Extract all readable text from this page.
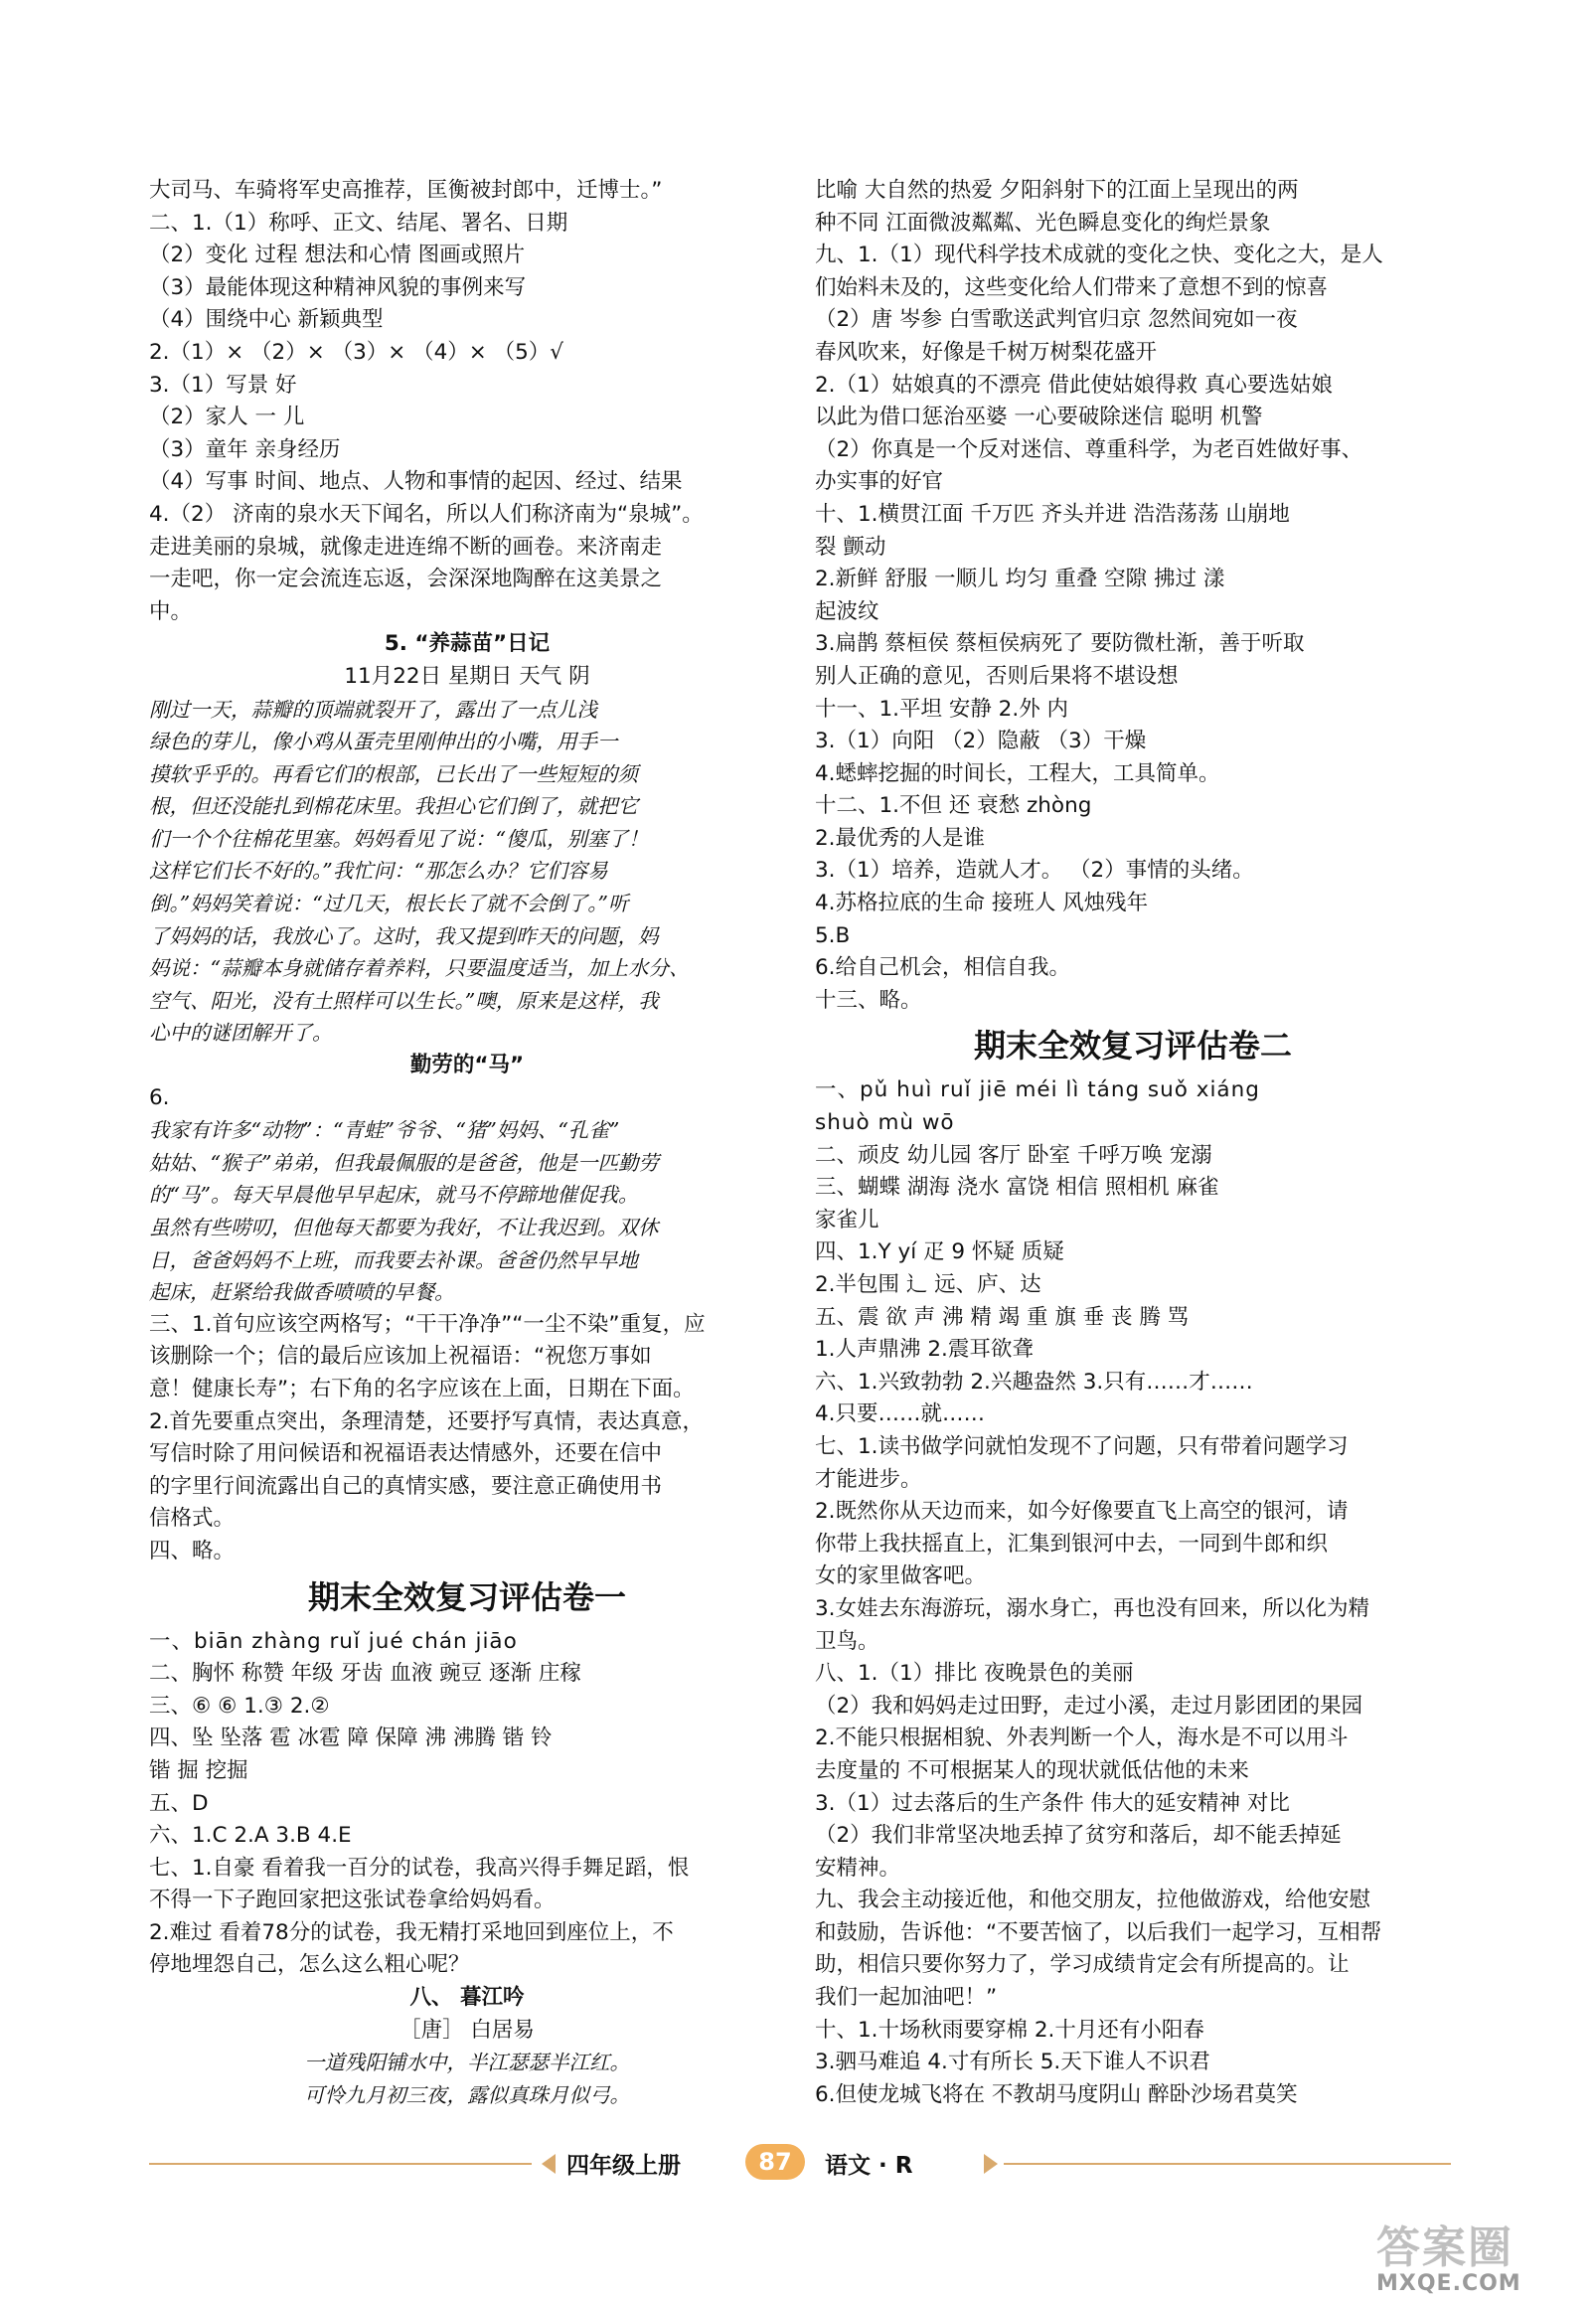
大司马、车骑将军史高推荐，匡衡被封郎中，迁博士。”
二、1.（1）称呼、正文、结尾、署名、日期
（2）变化 过程 想法和心情 图画或照片
（3）最能体现这种精神风貌的事例来写
（4）围绕中心 新颖典型
2.（1）× （2）× （3）× （4）× （5）√
3.（1）写景 好
（2）家人 一 儿
（3）童年 亲身经历
（4）写事 时间、地点、人物和事情的起因、经过、结果
4.（2） 济南的泉水天下闻名，所以人们称济南为“泉城”。
走进美丽的泉城，就像走进连绵不断的画卷。来济南走
一走吧，你一定会流连忘返，会深深地陶醉在这美景之
中。
5. “养蒜苗”日记
11月22日 星期日 天气 阴
刚过一天，蒜瓣的顶端就裂开了，露出了一点儿浅
绿色的芽儿，像小鸡从蛋壳里刚伸出的小嘴，用手一
摸软乎乎的。再看它们的根部，已长出了一些短短的须
根，但还没能扎到棉花床里。我担心它们倒了，就把它
们一个个往棉花里塞。妈妈看见了说：“傻瓜，别塞了！
这样它们长不好的。”我忙问：“那怎么办？它们容易
倒。”妈妈笑着说：“过几天，根长长了就不会倒了。”听
了妈妈的话，我放心了。这时，我又提到昨天的问题，妈
妈说：“蒜瓣本身就储存着养料，只要温度适当，加上水分、
空气、阳光，没有土照样可以生长。”噢，原来是这样，我
心中的谜团解开了。
勤劳的“马”
6.
我家有许多“动物”：“青蛙”爷爷、“猪”妈妈、“孔雀”
姑姑、“猴子”弟弟，但我最佩服的是爸爸，他是一匹勤劳
的“马”。每天早晨他早早起床，就马不停蹄地催促我。
虽然有些唠叨，但他每天都要为我好，不让我迟到。双休
日，爸爸妈妈不上班，而我要去补课。爸爸仍然早早地
起床，赶紧给我做香喷喷的早餐。
三、1.首句应该空两格写；“干干净净”“一尘不染”重复，应
该删除一个；信的最后应该加上祝福语：“祝您万事如
意！健康长寿”；右下角的名字应该在上面，日期在下面。
2.首先要重点突出，条理清楚，还要抒写真情，表达真意，
写信时除了用问候语和祝福语表达情感外，还要在信中
的字里行间流露出自己的真情实感，要注意正确使用书
信格式。
四、略。
期末全效复习评估卷一
一、biān zhàng ruǐ jué chán jiāo
二、胸怀 称赞 年级 牙齿 血液 豌豆 逐渐 庄稼
三、⑥ ⑥ 1.③ 2.②
四、坠 坠落 雹 冰雹 障 保障 沸 沸腾 锴 铃
锴 掘 挖掘
五、D
六、1.C 2.A 3.B 4.E
七、1.自豪 看着我一百分的试卷，我高兴得手舞足蹈，恨
不得一下子跑回家把这张试卷拿给妈妈看。
2.难过 看着78分的试卷，我无精打采地回到座位上，不
停地埋怨自己，怎么这么粗心呢？
八、 暮江吟
［唐］ 白居易
一道残阳铺水中，半江瑟瑟半江红。
可怜九月初三夜，露似真珠月似弓。
比喻 大自然的热爱 夕阳斜射下的江面上呈现出的两
种不同 江面微波粼粼、光色瞬息变化的绚烂景象
九、1.（1）现代科学技术成就的变化之快、变化之大，是人
们始料未及的，这些变化给人们带来了意想不到的惊喜
（2）唐 岑参 白雪歌送武判官归京 忽然间宛如一夜
春风吹来，好像是千树万树梨花盛开
2.（1）姑娘真的不漂亮 借此使姑娘得救 真心要选姑娘
以此为借口惩治巫婆 一心要破除迷信 聪明 机警
（2）你真是一个反对迷信、尊重科学，为老百姓做好事、
办实事的好官
十、1.横贯江面 千万匹 齐头并进 浩浩荡荡 山崩地
裂 颤动
2.新鲜 舒服 一顺儿 均匀 重叠 空隙 拂过 漾
起波纹
3.扁鹊 蔡桓侯 蔡桓侯病死了 要防微杜渐，善于听取
别人正确的意见，否则后果将不堪设想
十一、1.平坦 安静 2.外 内
3.（1）向阳 （2）隐蔽 （3）干燥
4.蟋蟀挖掘的时间长，工程大，工具简单。
十二、1.不但 还 衰愁 zhòng
2.最优秀的人是谁
3.（1）培养，造就人才。 （2）事情的头绪。
4.苏格拉底的生命 接班人 风烛残年
5.B
6.给自己机会，相信自我。
十三、略。
期末全效复习评估卷二
一、pǔ huì ruǐ jiē méi lì táng suǒ xiáng
shuò mù wō
二、顽皮 幼儿园 客厅 卧室 千呼万唤 宠溺
三、蝴蝶 湖海 浇水 富饶 相信 照相机 麻雀
家雀儿
四、1.Y yí 疋 9 怀疑 质疑
2.半包围 辶 远、庐、达
五、震 欲 声 沸 精 竭 重 旗 垂 丧 腾 骂
1.人声鼎沸 2.震耳欲聋
六、1.兴致勃勃 2.兴趣盎然 3.只有……才……
4.只要……就……
七、1.读书做学问就怕发现不了问题，只有带着问题学习
才能进步。
2.既然你从天边而来，如今好像要直飞上高空的银河，请
你带上我扶摇直上，汇集到银河中去，一同到牛郎和织
女的家里做客吧。
3.女娃去东海游玩，溺水身亡，再也没有回来，所以化为精
卫鸟。
八、1.（1）排比 夜晚景色的美丽
（2）我和妈妈走过田野，走过小溪，走过月影团团的果园
2.不能只根据相貌、外表判断一个人，海水是不可以用斗
去度量的 不可根据某人的现状就低估他的未来
3.（1）过去落后的生产条件 伟大的延安精神 对比
（2）我们非常坚决地丢掉了贫穷和落后，却不能丢掉延
安精神。
九、我会主动接近他，和他交朋友，拉他做游戏，给他安慰
和鼓励，告诉他：“不要苦恼了，以后我们一起学习，互相帮
助，相信只要你努力了，学习成绩肯定会有所提高的。让
我们一起加油吧！”
十、1.十场秋雨要穿棉 2.十月还有小阳春
3.驷马难追 4.寸有所长 5.天下谁人不识君
6.但使龙城飞将在 不教胡马度阴山 醉卧沙场君莫笑
四年级上册	87	语文 · R
答案圈
MXQE.COM
